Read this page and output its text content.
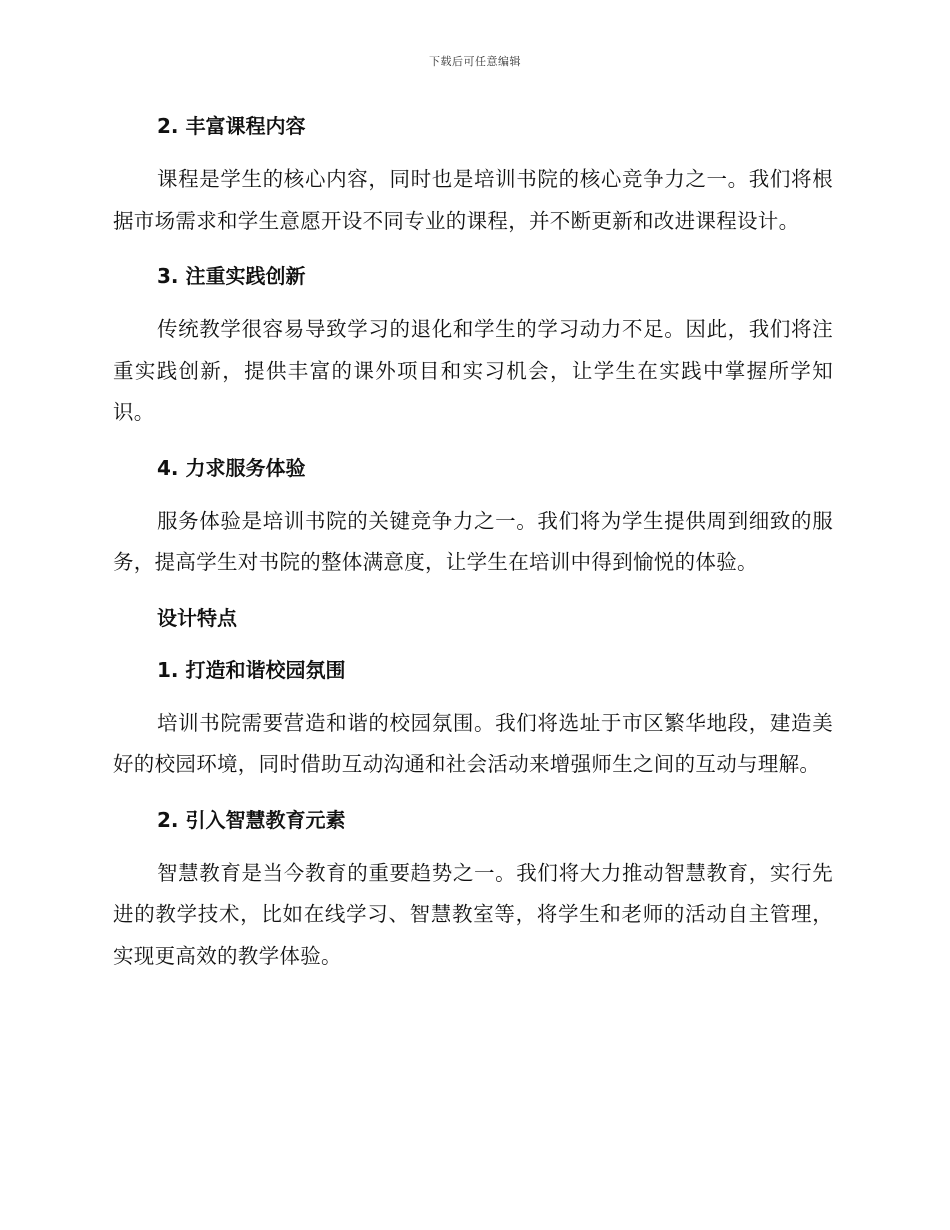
下载后可任意编辑
2. 丰富课程内容

课程是学生的核心内容，同时也是培训书院的核心竞争力之一。我们将根据市场需求和学生意愿开设不同专业的课程，并不断更新和改进课程设计。

3. 注重实践创新

传统教学很容易导致学习的退化和学生的学习动力不足。因此，我们将注重实践创新，提供丰富的课外项目和实习机会，让学生在实践中掌握所学知识。

4. 力求服务体验

服务体验是培训书院的关键竞争力之一。我们将为学生提供周到细致的服务，提高学生对书院的整体满意度，让学生在培训中得到愉悦的体验。

设计特点
1. 打造和谐校园氛围

培训书院需要营造和谐的校园氛围。我们将选址于市区繁华地段，建造美好的校园环境，同时借助互动沟通和社会活动来增强师生之间的互动与理解。

2. 引入智慧教育元素

智慧教育是当今教育的重要趋势之一。我们将大力推动智慧教育，实行先进的教学技术，比如在线学习、智慧教室等，将学生和老师的活动自主管理，实现更高效的教学体验。
